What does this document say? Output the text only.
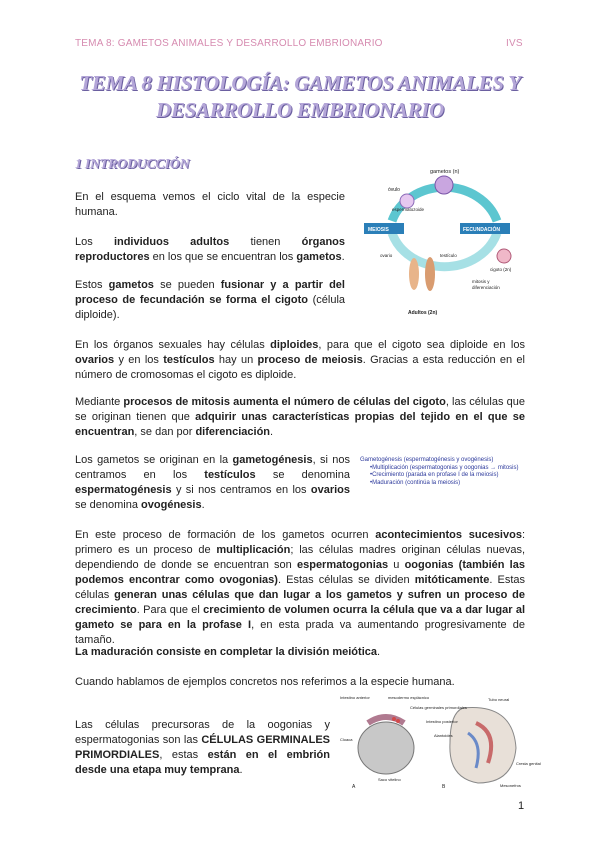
TEMA 8: GAMETOS ANIMALES Y DESARROLLO EMBRIONARIO	IVS
TEMA 8 HISTOLOGÍA: GAMETOS ANIMALES Y
DESARROLLO EMBRIONARIO
1 INTRODUCCIÓN

En el esquema vemos el ciclo vital de la especie humana.

Los individuos adultos tienen órganos reproductores en los que se encuentran los gametos.

Estos gametos se pueden fusionar y a partir del proceso de fecundación se forma el cigoto (célula diploide).

gametos (n)
óvulo
espermatozoide
MEIOSIS	FECUNDACIÓN
ovario	testículo
cigoto (2n)
mitosis y
diferenciación
Adultos (2n)

En los órganos sexuales hay células diploides, para que el cigoto sea diploide en los ovarios y en los testículos hay un proceso de meiosis. Gracias a esta reducción en el número de cromosomas el cigoto es diploide.

Mediante procesos de mitosis aumenta el número de células del cigoto, las células que se originan tienen que adquirir unas características propias del tejido en el que se encuentran, se dan por diferenciación.

Los gametos se originan en la gametogénesis, si nos centramos en los testículos se denomina espermatogénesis y si nos centramos en los ovarios se denomina ovogénesis.

Gametogénesis (espermatogénesis y ovogénesis)
•Multiplicación (espermatogonias y oogonias → mitosis)
•Crecimiento (parada en profase I de la meiosis)
•Maduración (continúa la meiosis)

En este proceso de formación de los gametos ocurren acontecimientos sucesivos: primero es un proceso de multiplicación; las células madres originan células nuevas, dependiendo de donde se encuentran son espermatogonias u oogonias (también las podemos encontrar como ovogonias). Estas células se dividen mitóticamente. Estas células generan unas células que dan lugar a los gametos y sufren un proceso de crecimiento. Para que el crecimiento de volumen ocurra la célula que va a dar lugar al gameto se para en la profase I, en esta prada va aumentando progresivamente de tamaño.

La maduración consiste en completar la división meiótica.

Cuando hablamos de ejemplos concretos nos referimos a la especie humana.

Las células precursoras de la oogonias y espermatogonias son las CÉLULAS GERMINALES PRIMORDIALES, estas están en el embrión desde una etapa muy temprana.

Intestino anterior	mesodermo esplácnico
Cloaca
Saco vitelino
Intestino posterior
Células germinales primordiales
Alantoides
Tubo neural
Cresta genital
Mesonefros
A	B
1
